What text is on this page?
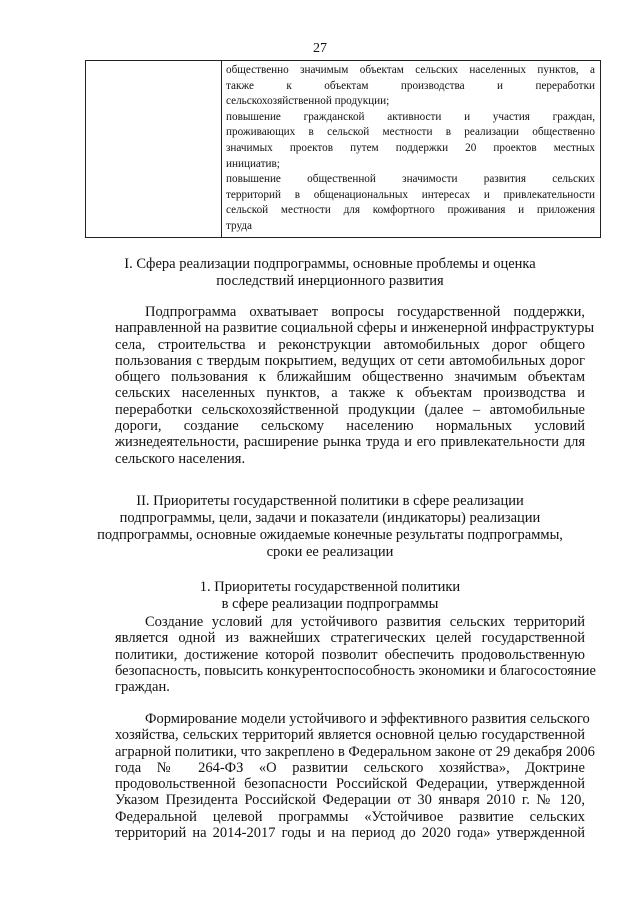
27
общественно значимым объектам сельских населенных пунктов, а
также к объектам производства и переработки
сельскохозяйственной продукции;
повышение гражданской активности и участия граждан,
проживающих в сельской местности в реализации общественно
значимых проектов путем поддержки 20 проектов местных
инициатив;
повышение общественной значимости развития сельских
территорий в общенациональных интересах и привлекательности
сельской местности для комфортного проживания и приложения
труда
I. Сфера реализации подпрограммы, основные проблемы и оценка
последствий инерционного развития
Подпрограмма охватывает вопросы государственной поддержки,
направленной на развитие социальной сферы и инженерной инфраструктуры
села, строительства и реконструкции автомобильных дорог общего
пользования с твердым покрытием, ведущих от сети автомобильных дорог
общего пользования к ближайшим общественно значимым объектам
сельских населенных пунктов, а также к объектам производства и
переработки сельскохозяйственной продукции (далее – автомобильные
дороги, создание сельскому населению нормальных условий
жизнедеятельности, расширение рынка труда и его привлекательности для
сельского населения.
II. Приоритеты государственной политики в сфере реализации
подпрограммы, цели, задачи и показатели (индикаторы) реализации
подпрограммы, основные ожидаемые конечные результаты подпрограммы,
сроки ее реализации
1. Приоритеты государственной политики
в сфере реализации подпрограммы
Создание условий для устойчивого развития сельских территорий
является одной из важнейших стратегических целей государственной
политики, достижение которой позволит обеспечить продовольственную
безопасность, повысить конкурентоспособность экономики и благосостояние
граждан.
Формирование модели устойчивого и эффективного развития сельского
хозяйства, сельских территорий является основной целью государственной
аграрной политики, что закреплено в Федеральном законе от 29 декабря 2006
года № 264-ФЗ «О развитии сельского хозяйства», Доктрине
продовольственной безопасности Российской Федерации, утвержденной
Указом Президента Российской Федерации от 30 января 2010 г. № 120,
Федеральной целевой программы «Устойчивое развитие сельских
территорий на 2014-2017 годы и на период до 2020 года» утвержденной
